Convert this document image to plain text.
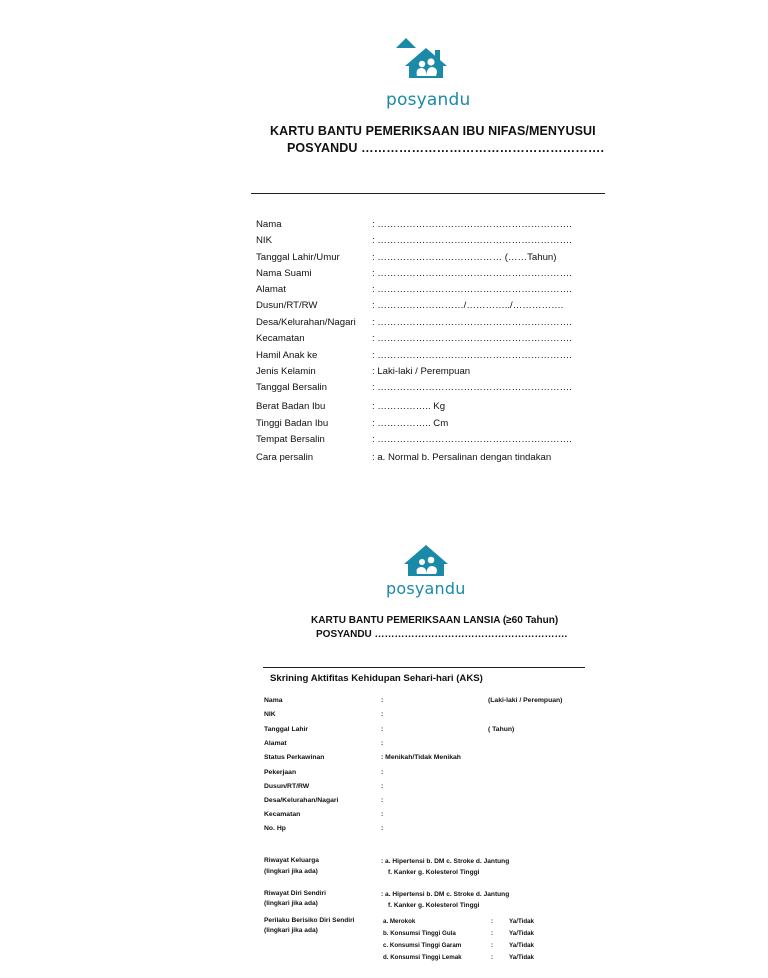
posyandu
KARTU BANTU PEMERIKSAAN IBU NIFAS/MENYUSUI
POSYANDU ………………………………………………….
Nama	: …………………………………………………….
NIK	: …………………………………………………….
Tanggal Lahir/Umur	: ………………………………… (……Tahun)
Nama Suami	: …………………………………………………….
Alamat	: …………………………………………………….
Dusun/RT/RW	: ………………………/…………../…………….
Desa/Kelurahan/Nagari	: …………………………………………………….
Kecamatan	: …………………………………………………….
Hamil Anak ke	: …………………………………………………….
Jenis Kelamin	: Laki-laki / Perempuan
Tanggal Bersalin	: …………………………………………………….
Berat Badan Ibu	: …………….. Kg
Tinggi Badan Ibu	: …………….. Cm
Tempat Bersalin	: …………………………………………………….
Cara persalin	: a. Normal b. Persalinan dengan tindakan
posyandu
KARTU BANTU PEMERIKSAAN LANSIA (≥60 Tahun)
POSYANDU ………………………………………………….
Skrining Aktifitas Kehidupan Sehari-hari (AKS)
Nama	:	(Laki-laki / Perempuan)
NIK	:
Tanggal Lahir	:	( Tahun)
Alamat	:
Status Perkawinan	: Menikah/Tidak Menikah
Pekerjaan	:
Dusun/RT/RW	:
Desa/Kelurahan/Nagari	:
Kecamatan	:
No. Hp	:
Riwayat Keluarga
(lingkari jika ada)
: a. Hipertensi b. DM c. Stroke d. Jantung
f. Kanker g. Kolesterol Tinggi
Riwayat Diri Sendiri
(lingkari jika ada)
: a. Hipertensi b. DM c. Stroke d. Jantung
f. Kanker g. Kolesterol Tinggi
Perilaku Berisiko Diri Sendiri
(lingkari jika ada)
a. Merokok	:	Ya/Tidak
b. Konsumsi Tinggi Gula	:	Ya/Tidak
c. Konsumsi Tinggi Garam	:	Ya/Tidak
d. Konsumsi Tinggi Lemak	:	Ya/Tidak
